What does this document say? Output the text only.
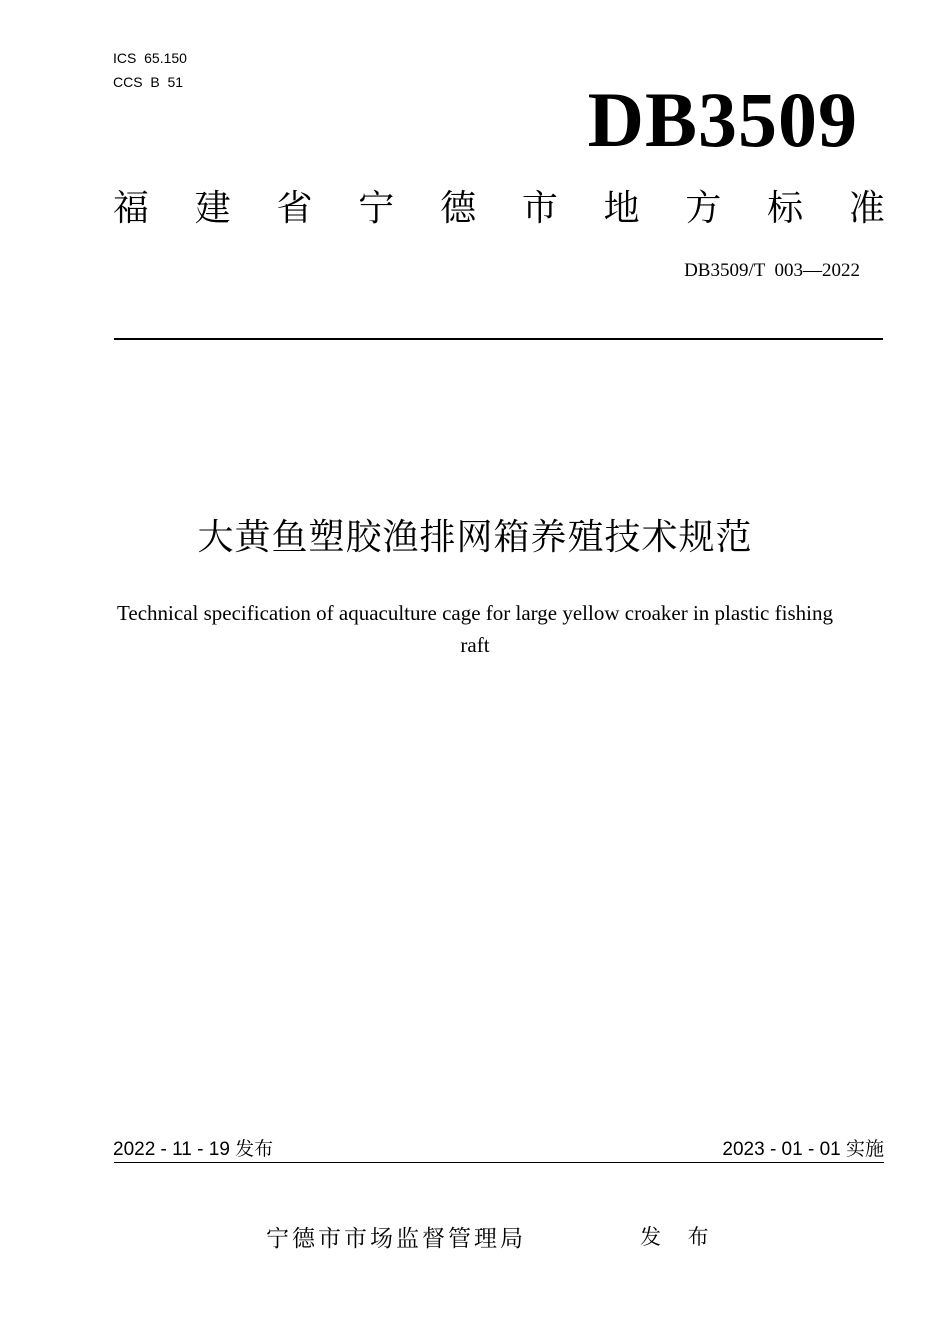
ICS  65.150
CCS  B  51	DB3509
福 建 省 宁 德 市 地 方 标 准
DB3509/T  003—2022
大黄鱼塑胶渔排网箱养殖技术规范
Technical specification of aquaculture cage for large yellow croaker in plastic fishing
raft
2022 - 11 - 19 发布	2023 - 01 - 01 实施
宁德市市场监督管理局	发 布
